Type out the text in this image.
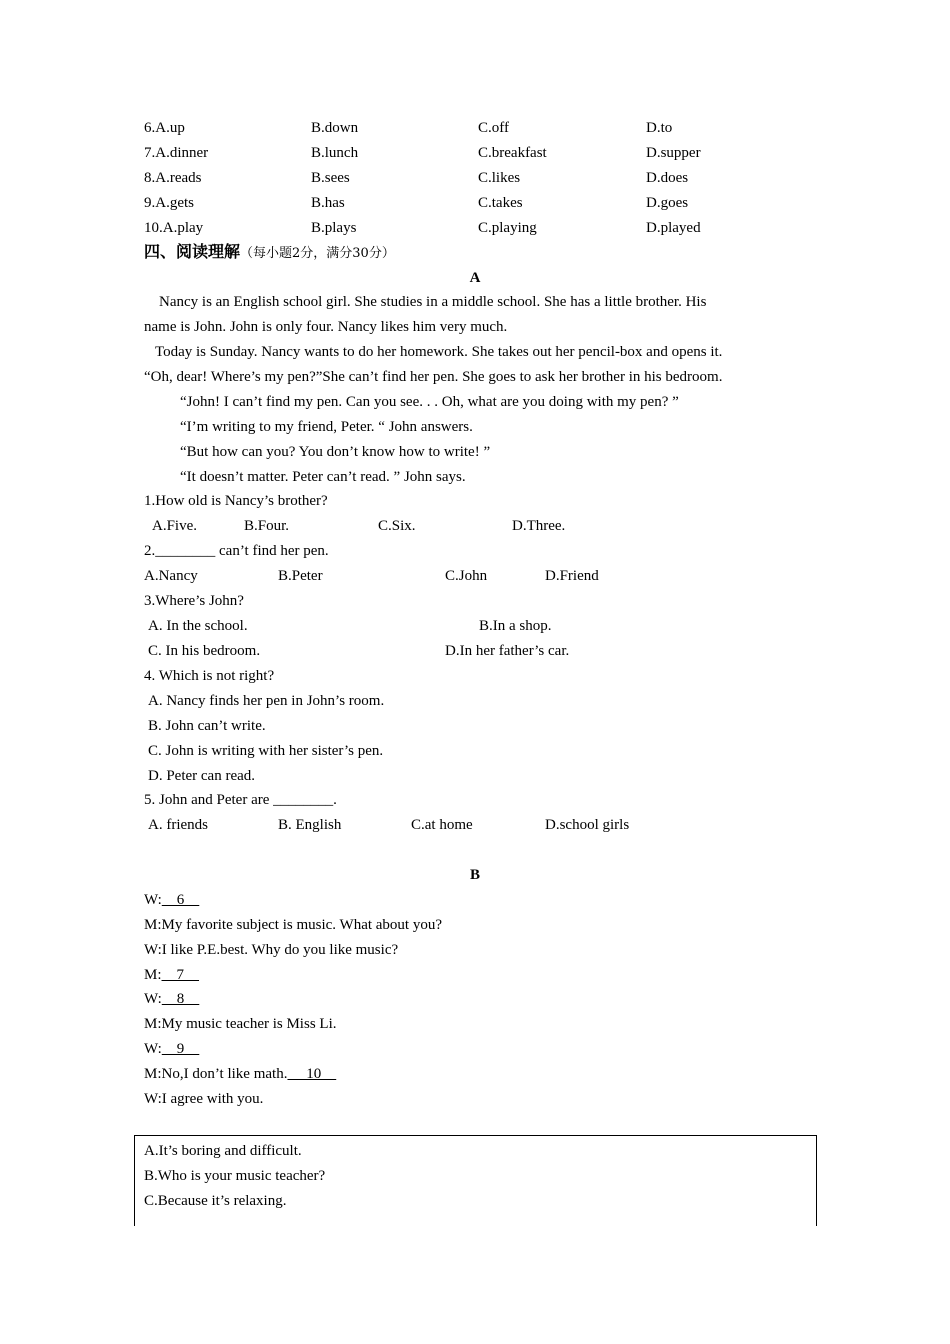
6.A.up	B.down	C.off	D.to
7.A.dinner	B.lunch	C.breakfast	D.supper
8.A.reads	B.sees	C.likes	D.does
9.A.gets	B.has	C.takes	D.goes
10.A.play	B.plays	C.playing	D.played
四、阅读理解（每小题2分，满分30分）
A
Nancy is an English school girl. She studies in a middle school. She has a little brother. His
name is John. John is only four. Nancy likes him very much.
Today is Sunday. Nancy wants to do her homework. She takes out her pencil-box and opens it.
“Oh, dear! Where’s my pen?”She can’t find her pen. She goes to ask her brother in his bedroom.
“John! I can’t find my pen. Can you see. . . Oh, what are you doing with my pen? ”
“I’m writing to my friend, Peter. “ John answers.
“But how can you? You don’t know how to write! ”
“It doesn’t matter. Peter can’t read. ” John says.
1.How old is Nancy’s brother?
A.Five.	B.Four.	C.Six.	D.Three.
2.________ can’t find her pen.
A.Nancy	B.Peter	C.John	D.Friend
3.Where’s John?
A. In the school.	B.In a shop.
C. In his bedroom.	D.In her father’s car.
4. Which is not right?
A. Nancy finds her pen in John’s room.
B. John can’t write.
C. John is writing with her sister’s pen.
D. Peter can read.
5. John and Peter are ________.
A. friends	B. English	C.at home	D.school girls
B
W:    6
M:My favorite subject is music. What about you?
W:I like P.E.best. Why do you like music?
M:    7
W:    8
M:My music teacher is Miss Li.
W:    9
M:No,I don’t like math.     10
W:I agree with you.
A.It’s boring and difficult.
B.Who is your music teacher?
C.Because it’s relaxing.
